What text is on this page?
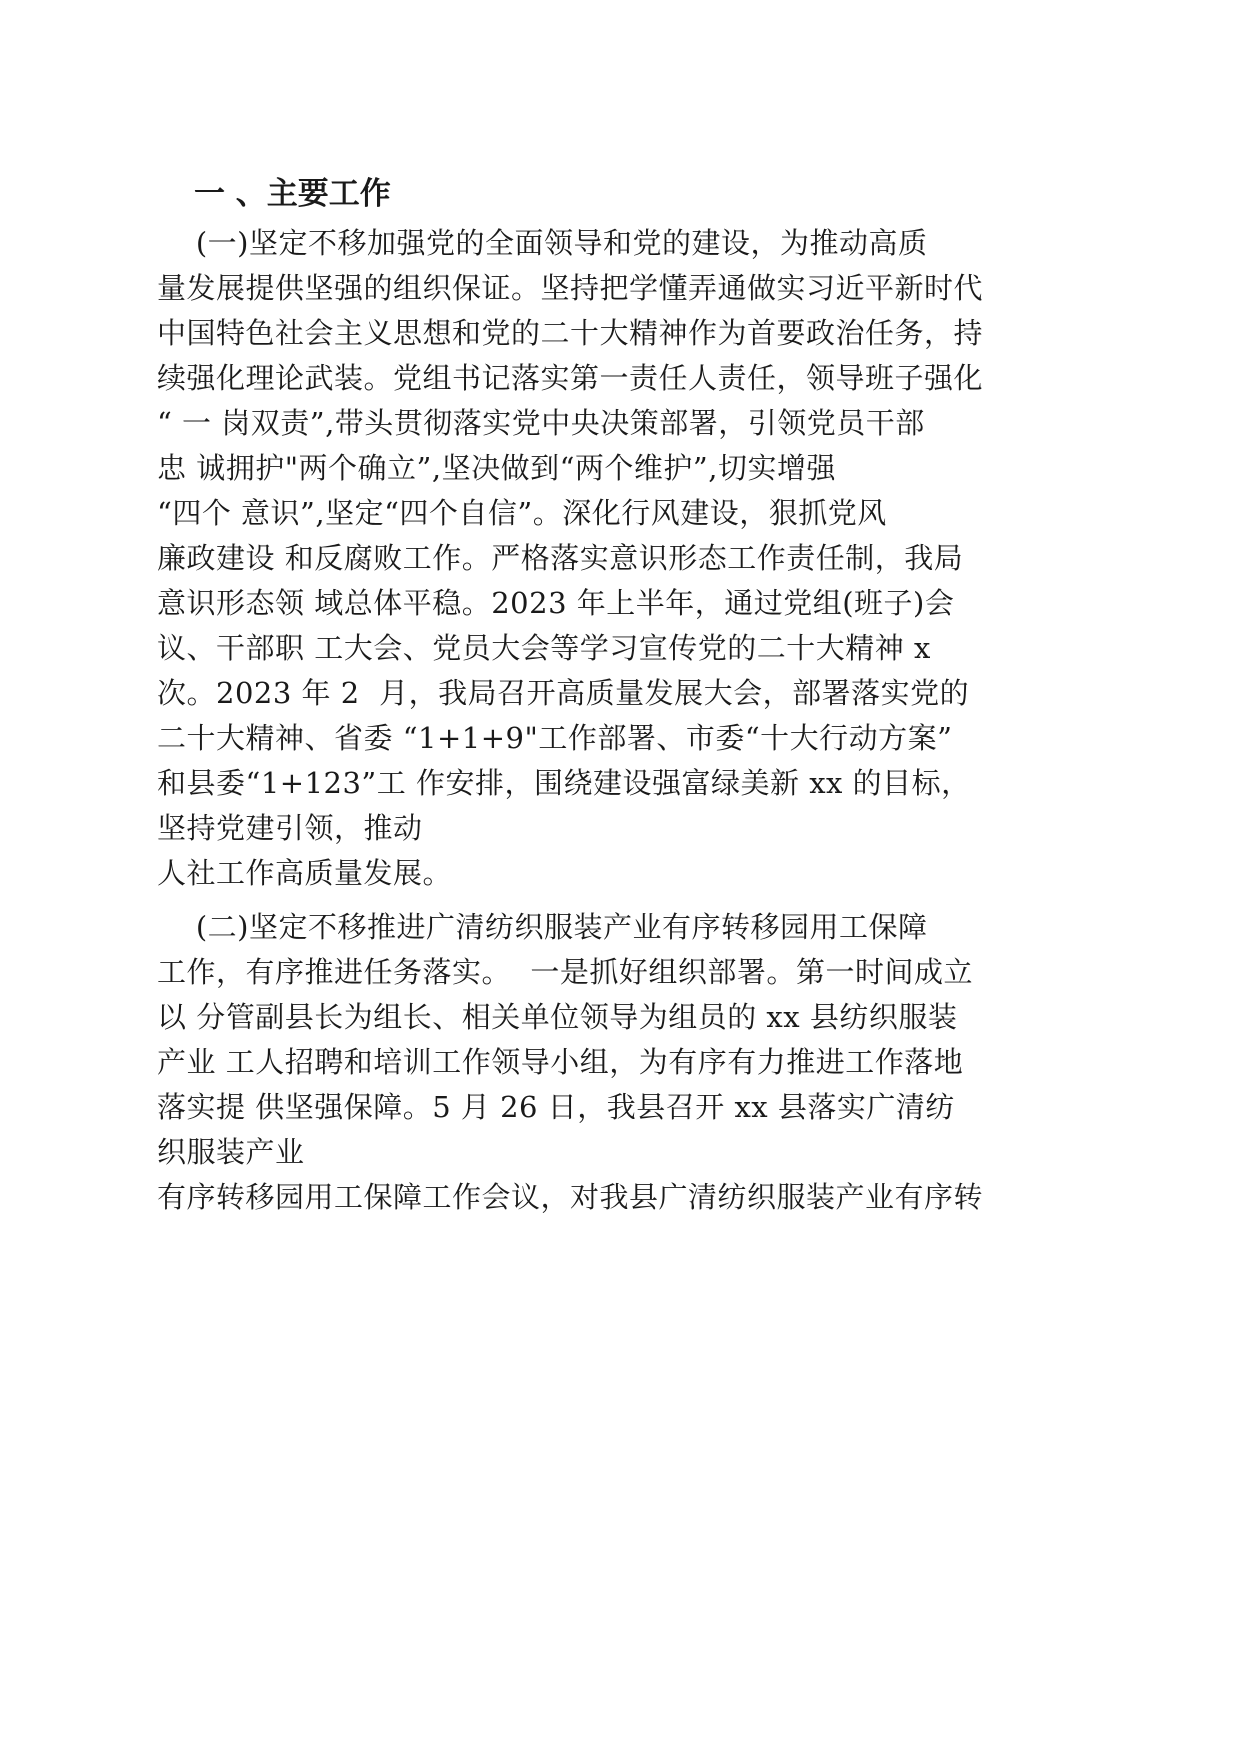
一 、主要工作
(一)坚定不移加强党的全面领导和党的建设，为推动高质
量发展提供坚强的组织保证。坚持把学懂弄通做实习近平新时代
中国特色社会主义思想和党的二十大精神作为首要政治任务，持
续强化理论武装。党组书记落实第一责任人责任，领导班子强化
“ 一 岗双责”,带头贯彻落实党中央决策部署，引领党员干部
忠 诚拥护"两个确立”,坚决做到“两个维护”,切实增强
“四个 意识”,坚定“四个自信”。深化行风建设，狠抓党风
廉政建设 和反腐败工作。严格落实意识形态工作责任制，我局
意识形态领 域总体平稳。2023 年上半年，通过党组(班子)会
议、干部职 工大会、党员大会等学习宣传党的二十大精神 x
次。2023 年 2  月，我局召开高质量发展大会，部署落实党的
二十大精神、省委 “1+1+9"工作部署、市委“十大行动方案”
和县委“1+123”工 作安排，围绕建设强富绿美新 xx 的目标，
坚持党建引领，推动
人社工作高质量发展。
(二)坚定不移推进广清纺织服装产业有序转移园用工保障
工作，有序推进任务落实。  一是抓好组织部署。第一时间成立
以 分管副县长为组长、相关单位领导为组员的 xx 县纺织服装
产业 工人招聘和培训工作领导小组，为有序有力推进工作落地
落实提 供坚强保障。5 月 26 日，我县召开 xx 县落实广清纺
织服装产业
有序转移园用工保障工作会议，对我县广清纺织服装产业有序转
